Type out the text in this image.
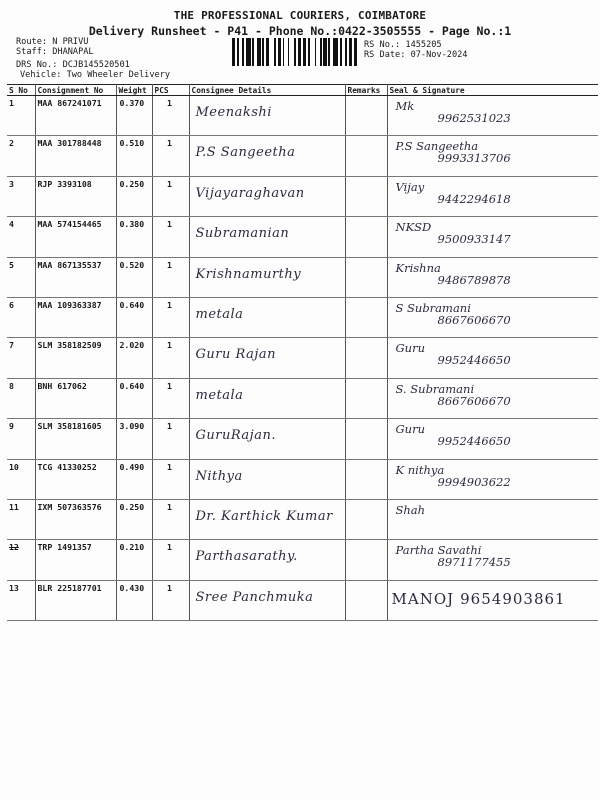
THE PROFESSIONAL COURIERS, COIMBATORE
Delivery Runsheet - P41 - Phone No.:0422-3505555 - Page No.:1
Route: N PRIVU
Staff: DHANAPAL
DRS No.: DCJB145520501
Vehicle: Two Wheeler Delivery
RS No.: 1455205
RS Date: 07-Nov-2024
S No	Consignment No	Weight	PCS	Consignee Details	Remarks	Seal & Signature
1	MAA 867241071	0.370	1	Meenakshi		Mk
9962531023

2	MAA 301788448	0.510	1	P.S Sangeetha		P.S Sangeetha
9993313706

3	RJP 3393108	0.250	1	Vijayaraghavan		Vijay
9442294618

4	MAA 574154465	0.380	1	Subramanian		NKSD
9500933147

5	MAA 867135537	0.520	1	Krishnamurthy		Krishna
9486789878

6	MAA 109363387	0.640	1	metala		S Subramani
8667606670

7	SLM 358182509	2.020	1	Guru Rajan		Guru
9952446650

8	BNH 617062	0.640	1	metala		S. Subramani
8667606670

9	SLM 358181605	3.090	1	GuruRajan.		Guru
9952446650

10	TCG 41330252	0.490	1	Nithya		K nithya
9994903622

11	IXM 507363576	0.250	1	Dr. Karthick Kumar		Shah

12	TRP 1491357	0.210	1	Parthasarathy.		Partha Savathi
8971177455

13	BLR 225187701	0.430	1	Sree Panchmuka		MANOJ 9654903861
